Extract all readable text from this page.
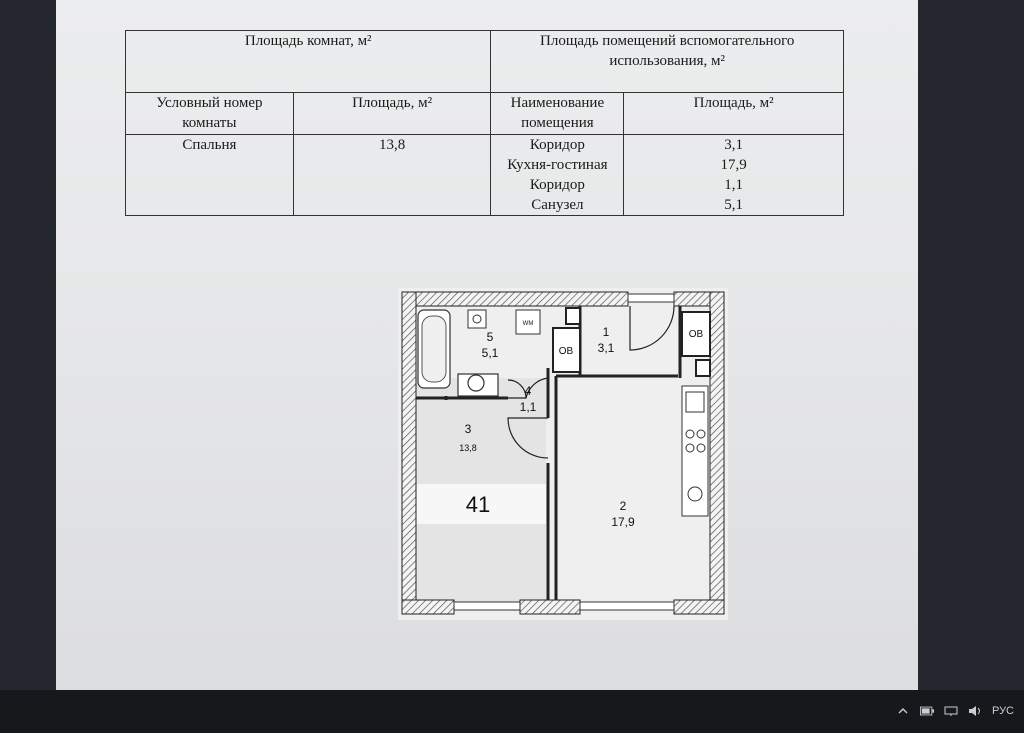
Площадь комнат, м²		Площадь помещений вспомогательного использования, м²	
Условный номер комнаты	Площадь, м²	Наименование помещения	Площадь, м²
Спальня	13,8	Коридор	3,1
		Кухня-гостиная	17,9
		Коридор	1,1
		Санузел	5,1
WM
ОВ
ОВ
1
3,1
2
17,9
3
13,8
4
1,1
5
5,1
41
РУС
